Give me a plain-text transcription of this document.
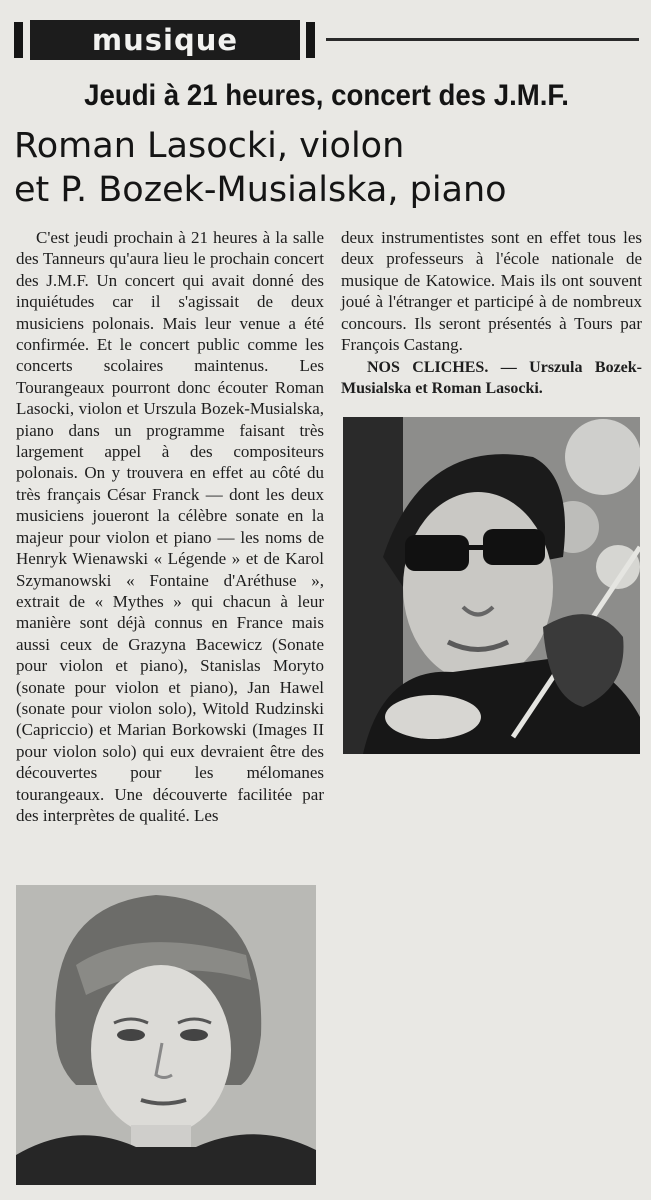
musique
Jeudi à 21 heures, concert des J.M.F.
Roman Lasocki, violon
et P. Bozek-Musialska, piano

C'est jeudi prochain à 21 heures à la salle des Tanneurs qu'aura lieu le prochain concert des J.M.F. Un concert qui avait donné des inquiétudes car il s'agissait de deux musiciens polonais. Mais leur venue a été confirmée. Et le concert public comme les concerts scolaires maintenus. Les Tourangeaux pourront donc écouter Roman Lasocki, violon et Urszula Bozek-Musialska, piano dans un programme faisant très largement appel à des compositeurs polonais. On y trouvera en effet au côté du très français César Franck — dont les deux musiciens joueront la célèbre sonate en la majeur pour violon et piano — les noms de Henryk Wienawski « Légende » et de Karol Szymanowski « Fontaine d'Aréthuse », extrait de « Mythes » qui chacun à leur manière sont déjà connus en France mais aussi ceux de Grazyna Bacewicz (Sonate pour violon et piano), Stanislas Moryto (sonate pour violon et piano), Jan Hawel (sonate pour violon solo), Witold Rudzinski (Capriccio) et Marian Borkowski (Images II pour violon solo) qui eux devraient être des découvertes pour les mélomanes tourangeaux. Une découverte facilitée par des interprètes de qualité. Les

deux instrumentistes sont en effet tous les deux professeurs à l'école nationale de musique de Katowice. Mais ils ont souvent joué à l'étranger et participé à de nombreux concours. Ils seront présentés à Tours par François Castang.

NOS CLICHES. — Urszula Bozek-Musialska et Roman Lasocki.
